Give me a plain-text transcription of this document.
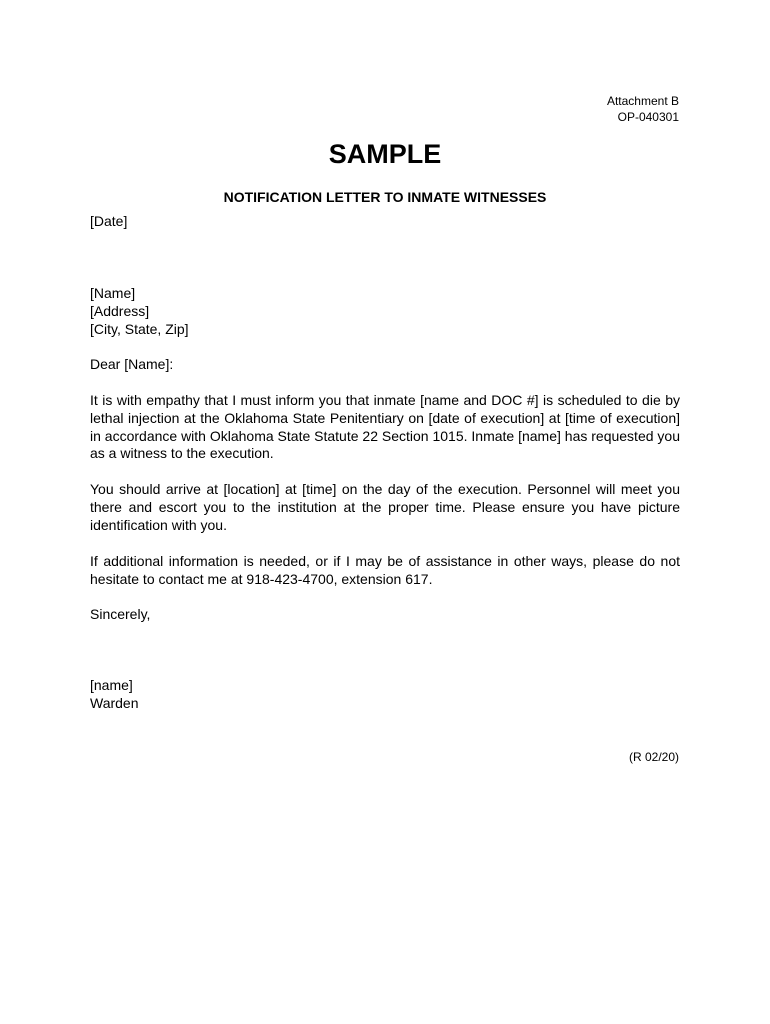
Attachment B
OP-040301
SAMPLE
NOTIFICATION LETTER TO INMATE WITNESSES
[Date]
[Name]
[Address]
[City, State, Zip]
Dear [Name]:
It is with empathy that I must inform you that inmate [name and DOC #] is scheduled to die by lethal injection at the Oklahoma State Penitentiary on [date of execution] at [time of execution] in accordance with Oklahoma State Statute 22 Section 1015. Inmate [name] has requested you as a witness to the execution.
You should arrive at [location] at [time] on the day of the execution. Personnel will meet you there and escort you to the institution at the proper time. Please ensure you have picture identification with you.
If additional information is needed, or if I may be of assistance in other ways, please do not hesitate to contact me at 918-423-4700, extension 617.
Sincerely,
[name]
Warden
(R 02/20)
